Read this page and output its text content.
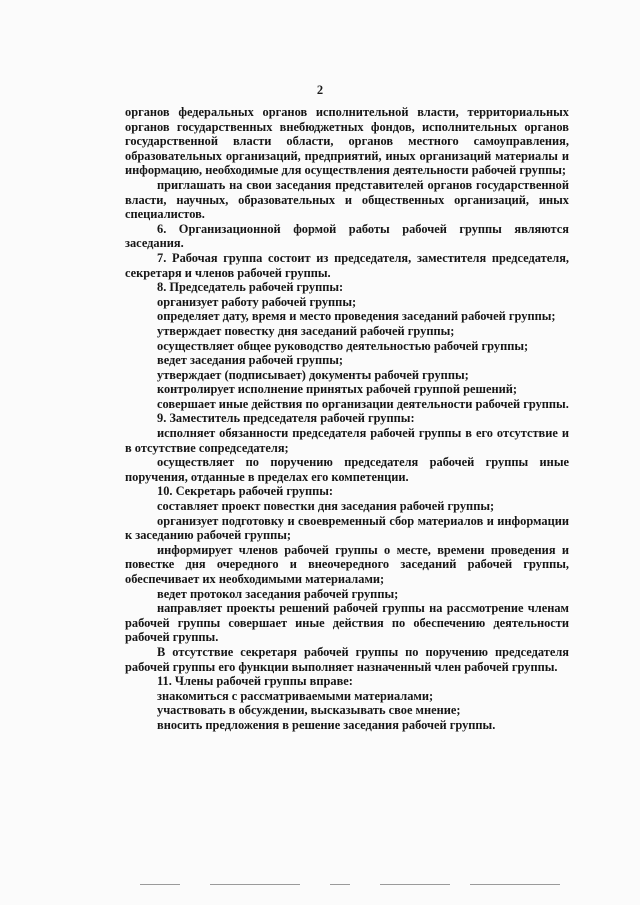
2

органов федеральных органов исполнительной власти, территориальных органов государственных внебюджетных фондов, исполнительных органов государственной власти области, органов местного самоуправления, образовательных организаций, предприятий, иных организаций материалы и информацию, необходимые для осуществления деятельности рабочей группы;

приглашать на свои заседания представителей органов государственной власти, научных, образовательных и общественных организаций, иных специалистов.

6. Организационной формой работы рабочей группы являются заседания.

7. Рабочая группа состоит из председателя, заместителя председателя, секретаря и членов рабочей группы.

8. Председатель рабочей группы:

организует работу рабочей группы;

определяет дату, время и место проведения заседаний рабочей группы;

утверждает повестку дня заседаний рабочей группы;

осуществляет общее руководство деятельностью рабочей группы;

ведет заседания рабочей группы;

утверждает (подписывает) документы рабочей группы;

контролирует исполнение принятых рабочей группой решений;

совершает иные действия по организации деятельности рабочей группы.

9. Заместитель председателя рабочей группы:

исполняет обязанности председателя рабочей группы в его отсутствие и в отсутствие сопредседателя;

осуществляет по поручению председателя рабочей группы иные поручения, отданные в пределах его компетенции.

10. Секретарь рабочей группы:

составляет проект повестки дня заседания рабочей группы;

организует подготовку и своевременный сбор материалов и информации к заседанию рабочей группы;

информирует членов рабочей группы о месте, времени проведения и повестке дня очередного и внеочередного заседаний рабочей группы, обеспечивает их необходимыми материалами;

ведет протокол заседания рабочей группы;

направляет проекты решений рабочей группы на рассмотрение членам рабочей группы совершает иные действия по обеспечению деятельности рабочей группы.

В отсутствие секретаря рабочей группы по поручению председателя рабочей группы его функции выполняет назначенный член рабочей группы.

11. Члены рабочей группы вправе:

знакомиться с рассматриваемыми материалами;

участвовать в обсуждении, высказывать свое мнение;

вносить предложения в решение заседания рабочей группы.
